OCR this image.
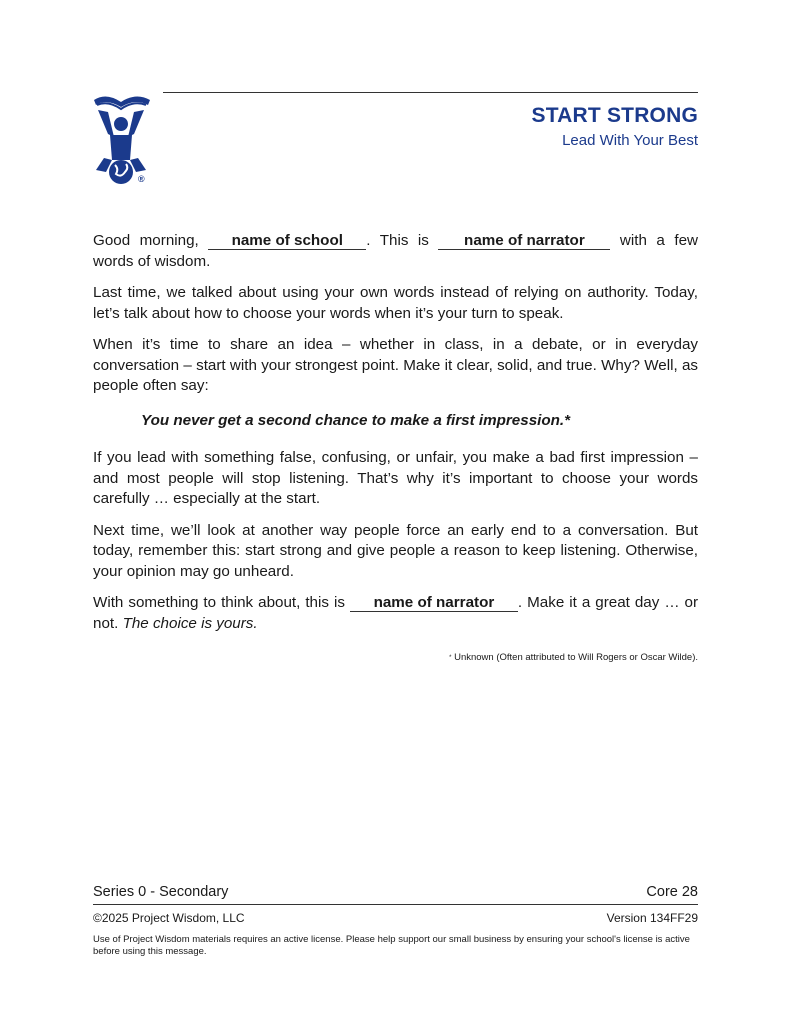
®
START STRONG
Lead With Your Best

Good morning, name of school . This is name of narrator with a few words of wisdom.

Last time, we talked about using your own words instead of relying on authority. Today, let’s talk about how to choose your words when it’s your turn to speak.

When it’s time to share an idea – whether in class, in a debate, or in everyday conversation – start with your strongest point. Make it clear, solid, and true. Why? Well, as people often say:

You never get a second chance to make a first impression.*

If you lead with something false, confusing, or unfair, you make a bad first impression – and most people will stop listening. That’s why it’s important to choose your words carefully … especially at the start.

Next time, we’ll look at another way people force an early end to a conversation. But today, remember this: start strong and give people a reason to keep listening. Otherwise, your opinion may go unheard.

With something to think about, this is name of narrator . Make it a great day … or not. The choice is yours.

* Unknown (Often attributed to Will Rogers or Oscar Wilde).
Series 0 - Secondary	Core 28
©2025 Project Wisdom, LLC	Version 134FF29
Use of Project Wisdom materials requires an active license. Please help support our small business by ensuring your school's license is active before using this message.
